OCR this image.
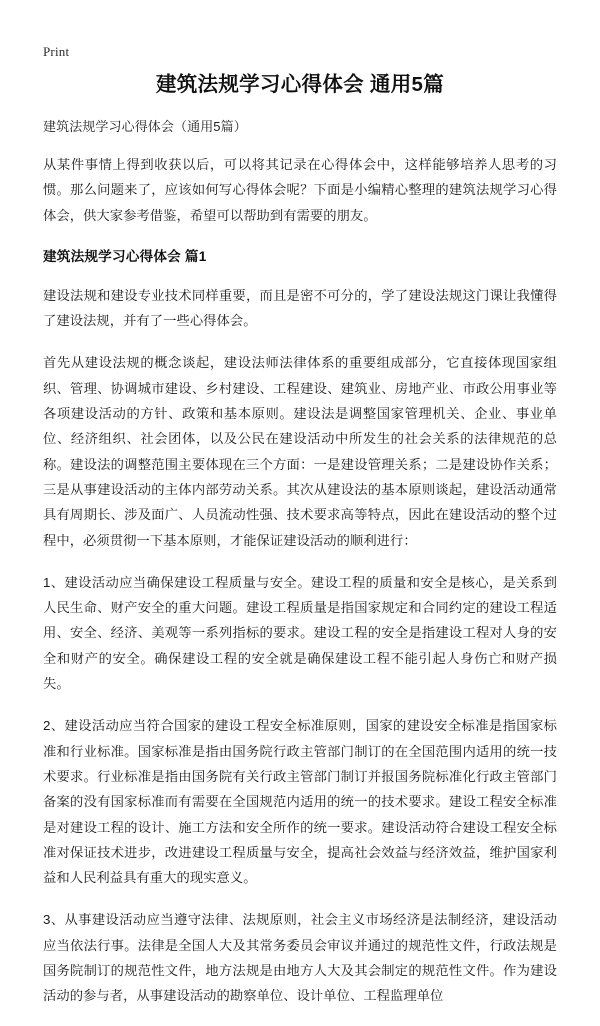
Print
建筑法规学习心得体会 通用5篇

建筑法规学习心得体会（通用5篇）

从某件事情上得到收获以后，可以将其记录在心得体会中，这样能够培养人思考的习惯。那么问题来了，应该如何写心得体会呢？下面是小编精心整理的建筑法规学习心得体会，供大家参考借鉴，希望可以帮助到有需要的朋友。

建筑法规学习心得体会 篇1

建设法规和建设专业技术同样重要，而且是密不可分的，学了建设法规这门课让我懂得了建设法规，并有了一些心得体会。

首先从建设法规的概念谈起，建设法师法律体系的重要组成部分，它直接体现国家组织、管理、协调城市建设、乡村建设、工程建设、建筑业、房地产业、市政公用事业等各项建设活动的方针、政策和基本原则。建设法是调整国家管理机关、企业、事业单位、经济组织、社会团体，以及公民在建设活动中所发生的社会关系的法律规范的总称。建设法的调整范围主要体现在三个方面：一是建设管理关系；二是建设协作关系；三是从事建设活动的主体内部劳动关系。其次从建设法的基本原则谈起，建设活动通常具有周期长、涉及面广、人员流动性强、技术要求高等特点，因此在建设活动的整个过程中，必须贯彻一下基本原则，才能保证建设活动的顺利进行：

1、建设活动应当确保建设工程质量与安全。建设工程的质量和安全是核心，是关系到人民生命、财产安全的重大问题。建设工程质量是指国家规定和合同约定的建设工程适用、安全、经济、美观等一系列指标的要求。建设工程的安全是指建设工程对人身的安全和财产的安全。确保建设工程的安全就是确保建设工程不能引起人身伤亡和财产损失。

2、建设活动应当符合国家的建设工程安全标准原则，国家的建设安全标准是指国家标准和行业标准。国家标准是指由国务院行政主管部门制订的在全国范围内适用的统一技术要求。行业标准是指由国务院有关行政主管部门制订并报国务院标准化行政主管部门备案的没有国家标准而有需要在全国规范内适用的统一的技术要求。建设工程安全标准是对建设工程的设计、施工方法和安全所作的统一要求。建设活动符合建设工程安全标准对保证技术进步，改进建设工程质量与安全，提高社会效益与经济效益，维护国家利益和人民利益具有重大的现实意义。

3、从事建设活动应当遵守法律、法规原则，社会主义市场经济是法制经济，建设活动应当依法行事。法律是全国人大及其常务委员会审议并通过的规范性文件，行政法规是国务院制订的规范性文件，地方法规是由地方人大及其会制定的规范性文件。作为建设活动的参与者，从事建设活动的勘察单位、设计单位、工程监理单位
